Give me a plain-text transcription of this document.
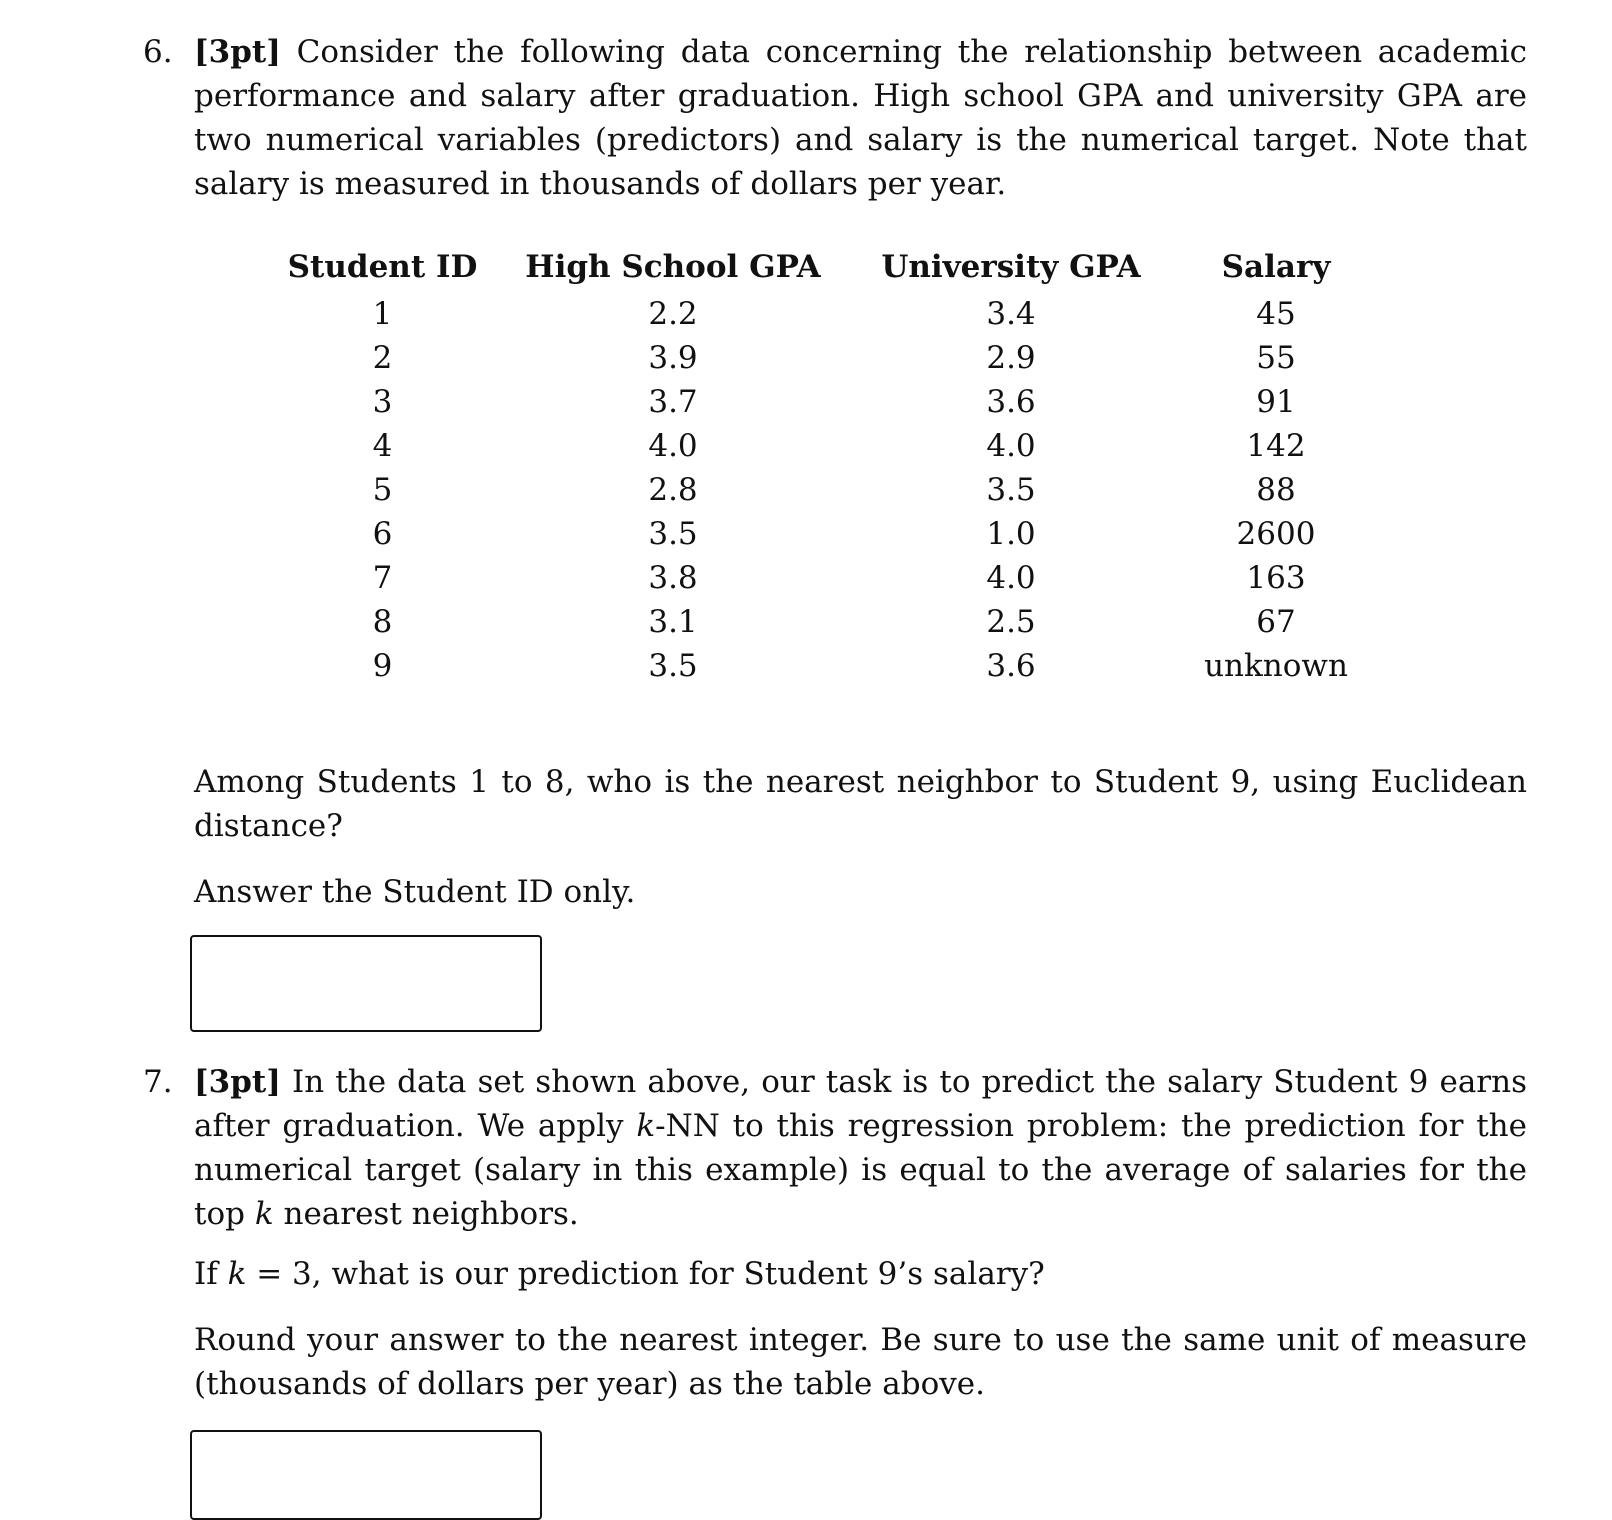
6. [3pt] Consider the following data concerning the relationship between academic performance and salary after graduation. High school GPA and university GPA are two numerical variables (predictors) and salary is the numerical target. Note that salary is measured in thousands of dollars per year.
Student ID	High School GPA	University GPA	Salary
1	2.2	3.4	45
2	3.9	2.9	55
3	3.7	3.6	91
4	4.0	4.0	142
5	2.8	3.5	88
6	3.5	1.0	2600
7	3.8	4.0	163
8	3.1	2.5	67
9	3.5	3.6	unknown
Among Students 1 to 8, who is the nearest neighbor to Student 9, using Euclidean distance?
Answer the Student ID only.
7. [3pt] In the data set shown above, our task is to predict the salary Student 9 earns after graduation. We apply k-NN to this regression problem: the prediction for the numerical target (salary in this example) is equal to the average of salaries for the top k nearest neighbors.
If k = 3, what is our prediction for Student 9’s salary?
Round your answer to the nearest integer. Be sure to use the same unit of measure (thousands of dollars per year) as the table above.
